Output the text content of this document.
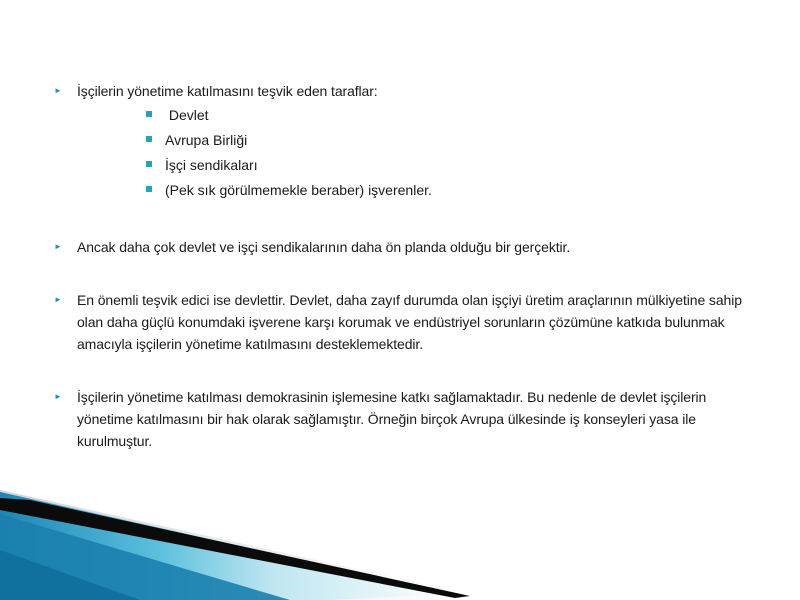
► İşçilerin yönetime katılmasını teşvik eden taraflar:
Devlet
Avrupa Birliği
İşçi sendikaları
(Pek sık görülmemekle beraber) işverenler.
► Ancak daha çok devlet ve işçi sendikalarının daha ön planda olduğu bir gerçektir.
► En önemli teşvik edici ise devlettir. Devlet, daha zayıf durumda olan işçiyi üretim araçlarının mülkiyetine sahip olan daha güçlü konumdaki işverene karşı korumak ve endüstriyel sorunların çözümüne katkıda bulunmak amacıyla işçilerin yönetime katılmasını desteklemektedir.
► İşçilerin yönetime katılması demokrasinin işlemesine katkı sağlamaktadır. Bu nedenle de devlet işçilerin yönetime katılmasını bir hak olarak sağlamıştır. Örneğin birçok Avrupa ülkesinde iş konseyleri yasa ile kurulmuştur.
